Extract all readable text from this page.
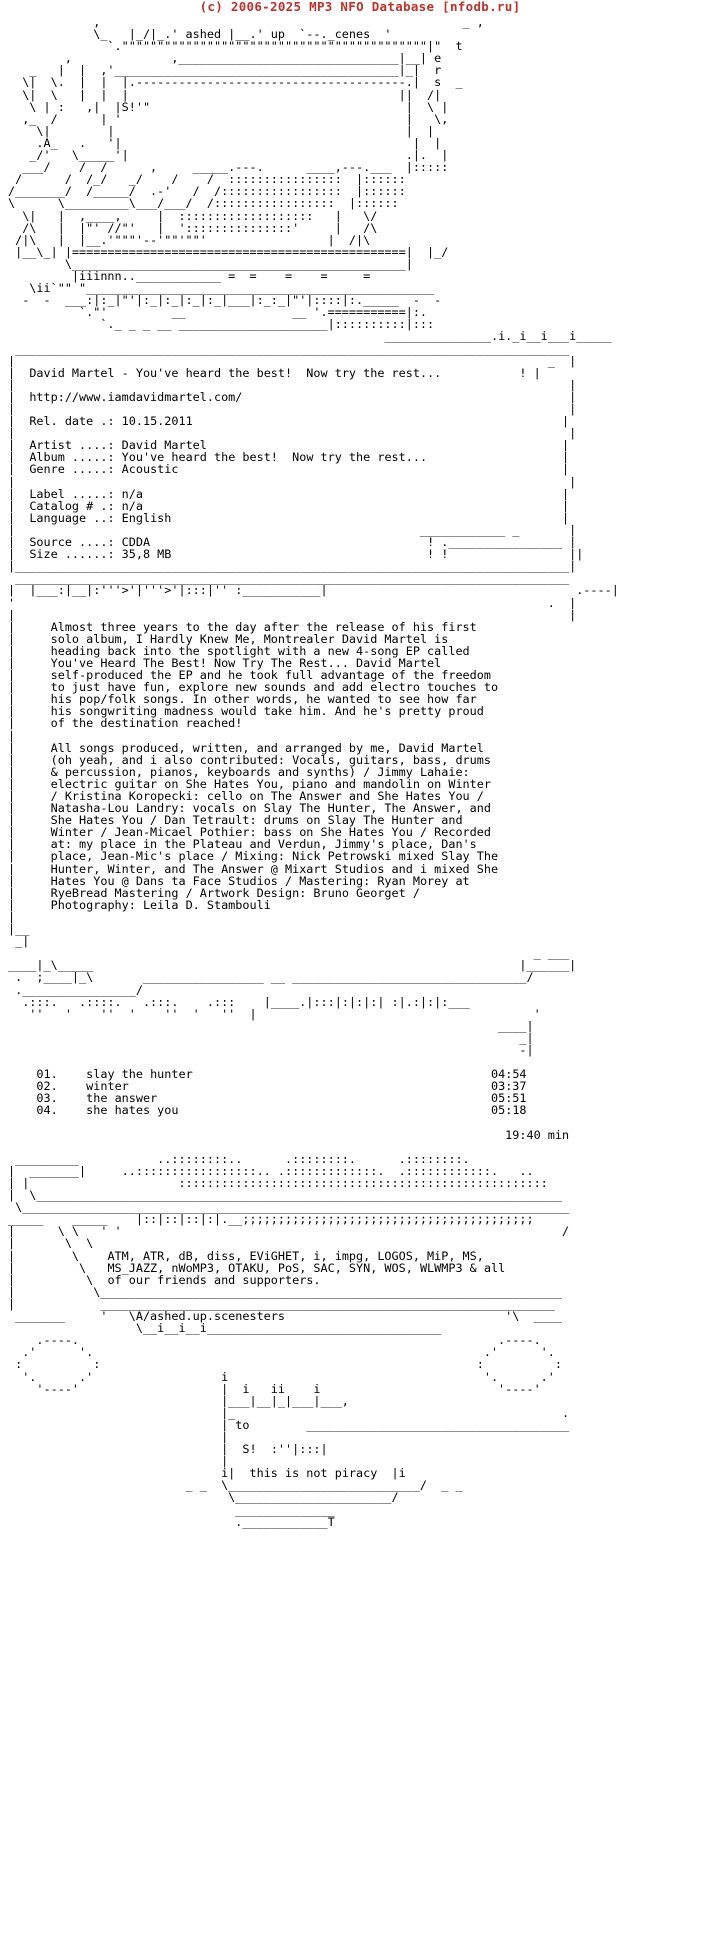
(c) 2006-2025 MP3 NFO Database [nfodb.ru]
,                                                   _ ,
\_   |_/|_.' ashed |__.' up  `--._cenes  '
`."""""""""""""""""""""""""""""""""""""""""""|"  t
,              ,_______________________________|__| e
_   |  |  ,'________________________________________|_|  r
\|  \.  |  |  |.--------------------------------------.|  s  _
\|  \   |  |  |                                      ||  /|
\ | :   ,|  |S!'"                                    |  \ |
,_  /      | '                                        |   \,
\|        |                                         |  |
.A_   .   '|                                         |  |
_/'   \_____'|                                       .|.  |
___/    /  /      ,     _____.---.      ____,---.___  |:::::
/      /  /_/   _/    /    /  ::::::::::::::::  |::::::
/_______/  /_____/  .-'   /  /:::::::::::::::::  |::::::
\      \_________\___/___/  /:::::::::::::::::  |::::::
\|   |  ,____,     |  :::::::::::::::::::   |   \/
/\   |  |"' //"'   |  ':::::::::::::::'     |   /\
/|\   |  |__.'"""'--'""'""'                 |  /|\
|__\_| |===============================================|  |_/
\_______________________________________________|
|iiinnn..____________ =  =    =    =     =
\ii`"" "_________________________________________________
-  -  ___:|:_|"'|:_|:_|:_|:_|___|:_:_|"'|::::|:._____  -  -
`."'         __               __ '.===========|:.
`._ _ _ __ _____________________|::::::::::|:::
_______________.i._i__i___i_____
______________________________________________________________________________
|                                                                           _  |
|  David Martel - You've heard the best!  Now try the rest...	! |
|                                                                              |
|  http://www.iamdavidmartel.com/	|
|                                                                              |
|  Rel. date .: 10.15.2011	|
|                                                                              |
|  Artist ....: David Martel	|
|  Album .....: You've heard the best!  Now try the rest...	|
|  Genre .....: Acoustic	|
|                                                                              |
|  Label .....: n/a	|
|  Catalog # .: n/a	|
|  Language ..: English	|
|                                                         ____________ _       |
|  Source ....: CDDA	! .________________ |
|  Size ......: 35,8 MB	! !                 ||
|______________________________________________________________________________|
______________________________________________________________________________
|  |___:|__|:'''>'|'''>'|:::|'' :___________|	.----|
'                                                                           .  |
|                                                                              |
|	Almost three years to the day after the release of his first
|	solo album, I Hardly Knew Me, Montrealer David Martel is
|	heading back into the spotlight with a new 4-song EP called
|	You've Heard The Best! Now Try The Rest... David Martel
|	self-produced the EP and he took full advantage of the freedom
|	to just have fun, explore new sounds and add electro touches to
|	his pop/folk songs. In other words, he wanted to see how far
|	his songwriting madness would take him. And he's pretty proud
|	of the destination reached!
|
|	All songs produced, written, and arranged by me, David Martel
|	(oh yeah, and i also contributed: Vocals, guitars, bass, drums
|	& percussion, pianos, keyboards and synths) / Jimmy Lahaie:
|	electric guitar on She Hates You, piano and mandolin on Winter
|	/ Kristina Koropecki: cello on The Answer and She Hates You /
|	Natasha-Lou Landry: vocals on Slay The Hunter, The Answer, and
|	She Hates You / Dan Tetrault: drums on Slay The Hunter and
|	Winter / Jean-Micael Pothier: bass on She Hates You / Recorded
|	at: my place in the Plateau and Verdun, Jimmy's place, Dan's
|	place, Jean-Mic's place / Mixing: Nick Petrowski mixed Slay The
|	Hunter, Winter, and The Answer @ Mixart Studios and i mixed She
|	Hates You @ Dans ta Face Studios / Mastering: Ryan Morey at
|	RyeBread Mastering / Artwork Design: Bruno Georget /
|	Photography: Leila D. Stambouli
|
|__
_|
_ ___
____|_\_____                                                            |______|
.  ;____|_\       _________________ __ _________________________________/
.________________/
.:::.   .::::.   .:::.    .:::    |____.|:::|:|:|:| :|.:|:|:___
''   '    ''  '    ''  '   ''  |                                       '
____|
_|
-|

01. slay the hunter	04:54
02. winter	03:37
03. the answer	05:51
04. she hates you	05:18

19:40 min

_________           ..::::::::..      .::::::::.      .::::::::.
|  _______|     ..:::::::::::::::::.. .:::::::::::::.  .::::::::::::.   ..
| |                     ::::::::::::::::::::::::::::::::::::::::::::::::::::
|  \__________________________________________________________________________
\_____________________________________________________________________________
_____    _____    |::|::|::|:|.__;;;;;;;;;;;;;;;;;;;;;;;;;;;;;;;;;;;;;;;;;
|      \ \   ' '                                                              /
|       \  \
|        \    ATM, ATR, dB, diss, EViGHET, i, impg, LOGOS, MiP, MS,
|         \   MS_JAZZ, nWoMP3, OTAKU, PoS, SAC, SYN, WOS, WLWMP3 & all
|          \  of our friends and supporters.
|           \_________________________________________________________________
|            ________________________________________________________________
_______     '   \A/ashed.up.scenesters	'\  ____
\__i__i__i_________________________________
.----.                                                           .----.
.'      '.                                                       .'      '.
:          :                                                     :          :
'.      .'                  i                                    '.      .'
'----'                    |  i   ii    i                         '----'
|___|__|_|___|___,
|_                                              .
| to	_____________________________________
|
|  S!  :''|:::|
|
i|  this is not piracy  |i
_ _  \___________________________/  _ _
\______________________/
______________
.____________T
